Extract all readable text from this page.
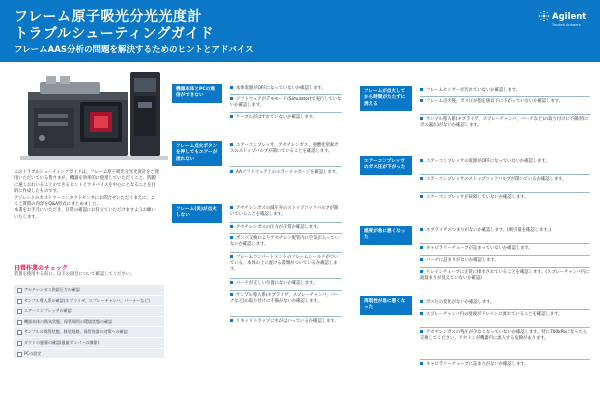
フレーム原子吸光分光光度計
トラブルシューティングガイド
フレームAAS分析の問題を解決するためのヒントとアドバイス
Agilent
Trusted Answers

このトラブルシューティングガイドは、フレーム原子吸光分光光度計をご使用いただいている皆さまが、機器を効率的に使用していただくこと、問題に速くおわいることのできるヒントとアドバイスを中心にとなることを目的に作成したものです。

アジレントのカストマーコンタクトセンタにお問合せいただくまえに、よくご質問の内容をQ&A形式にまとめました。

本書をお手元にいただき、日常の確認にお役立ていただけますようお願いいたします。

日常作業のチェック
装置を使用する前に、以下の項目について確認してください。
アセチレンガス供給圧力の確認
サンプル導入系の確認(ネブライザ、スプレーチャンバ、バーナーなど)
エアーコンプレッサの確認
機器本体の換気状態、保管場所の環境状態の確認
サンプルの保管状態、移送経路、保管容器の対策への確認
ダクトの風量の確認(風量ダンパーの調節)
PCの設定
機器本体とPCの通信ができない
本体電源がOFFになっていないか確認します。
ソフトウェアがデモモード(Simulator)で実行していないか確認します。
ケーブルがはずれていないか確認します。
フレーム点火ボタンを押してもエアーが流れない
エアーコンプレッサ、アセチレンガス、亜酸化窒素ガスのストップバルブが開いていることを確認します。
AAソフトウェア上のエラーメッセージを確認します。
フレーム(炎)が点火しない
アセチレンガスの減圧弁のストップコックバルブが開いていることを確認します。
アセチレンガスの圧力が正常か確認します。
ボンベ交換によりアセチレン配管内に空気が入っていないか確認します。
フレームコンパートメントのフレームシールドがついている、本体の上に置ける書類がついているか確認します。
バーナが正しい位置にないか確認します。
サンプル導入系(ネブライザ、スプレーチャンバ、バーナなど)の取り付けに不備がないか確認します。
リキッドトラップに水がはいっているか確認します。
フレームが点火してから時間がたたずに消える
フレームセンサーが汚れていないか確認します。
フレーム点火後、ガス圧が指定値以下に下がっていないか確認します。
サンプル導入系(ネブライザ、スプレーチャンバ、バーナなど)の取り付けに不備(特にガス漏れ)がないか確認します。
エアーコンプレッサのガス圧が下がった
エアーコンプレッサの電源がOFFになっていないか確認します。
エアーコンプレッサのストップコックバルブが開いているか確認します。
エアーコンプレッサが故障していないか確認します。
感度が急に悪くなった
ネブライザのつまりがないか確認します。(吸引量を確認します。)
キャピラリーチューブが詰まっていないか確認します。
バーナに詰まりがないか確認します。
ドレインチューブに正常に排水されていることを確認します。(スプレーチャンバ内に液溜まりが見えていないか確認)
再現性が急に悪くなった
ガス圧の変化がないか確認します。
スプレーチャンバ内の廃液がドレインに流れていることを確認します。
アセチレンガスの残圧が少なくなっていないか確認します。特に700kPaになったら交換してください。アセトンが機器内に流入する危険があります。
キャピラリーチューブに詰まりがないか確認します。
